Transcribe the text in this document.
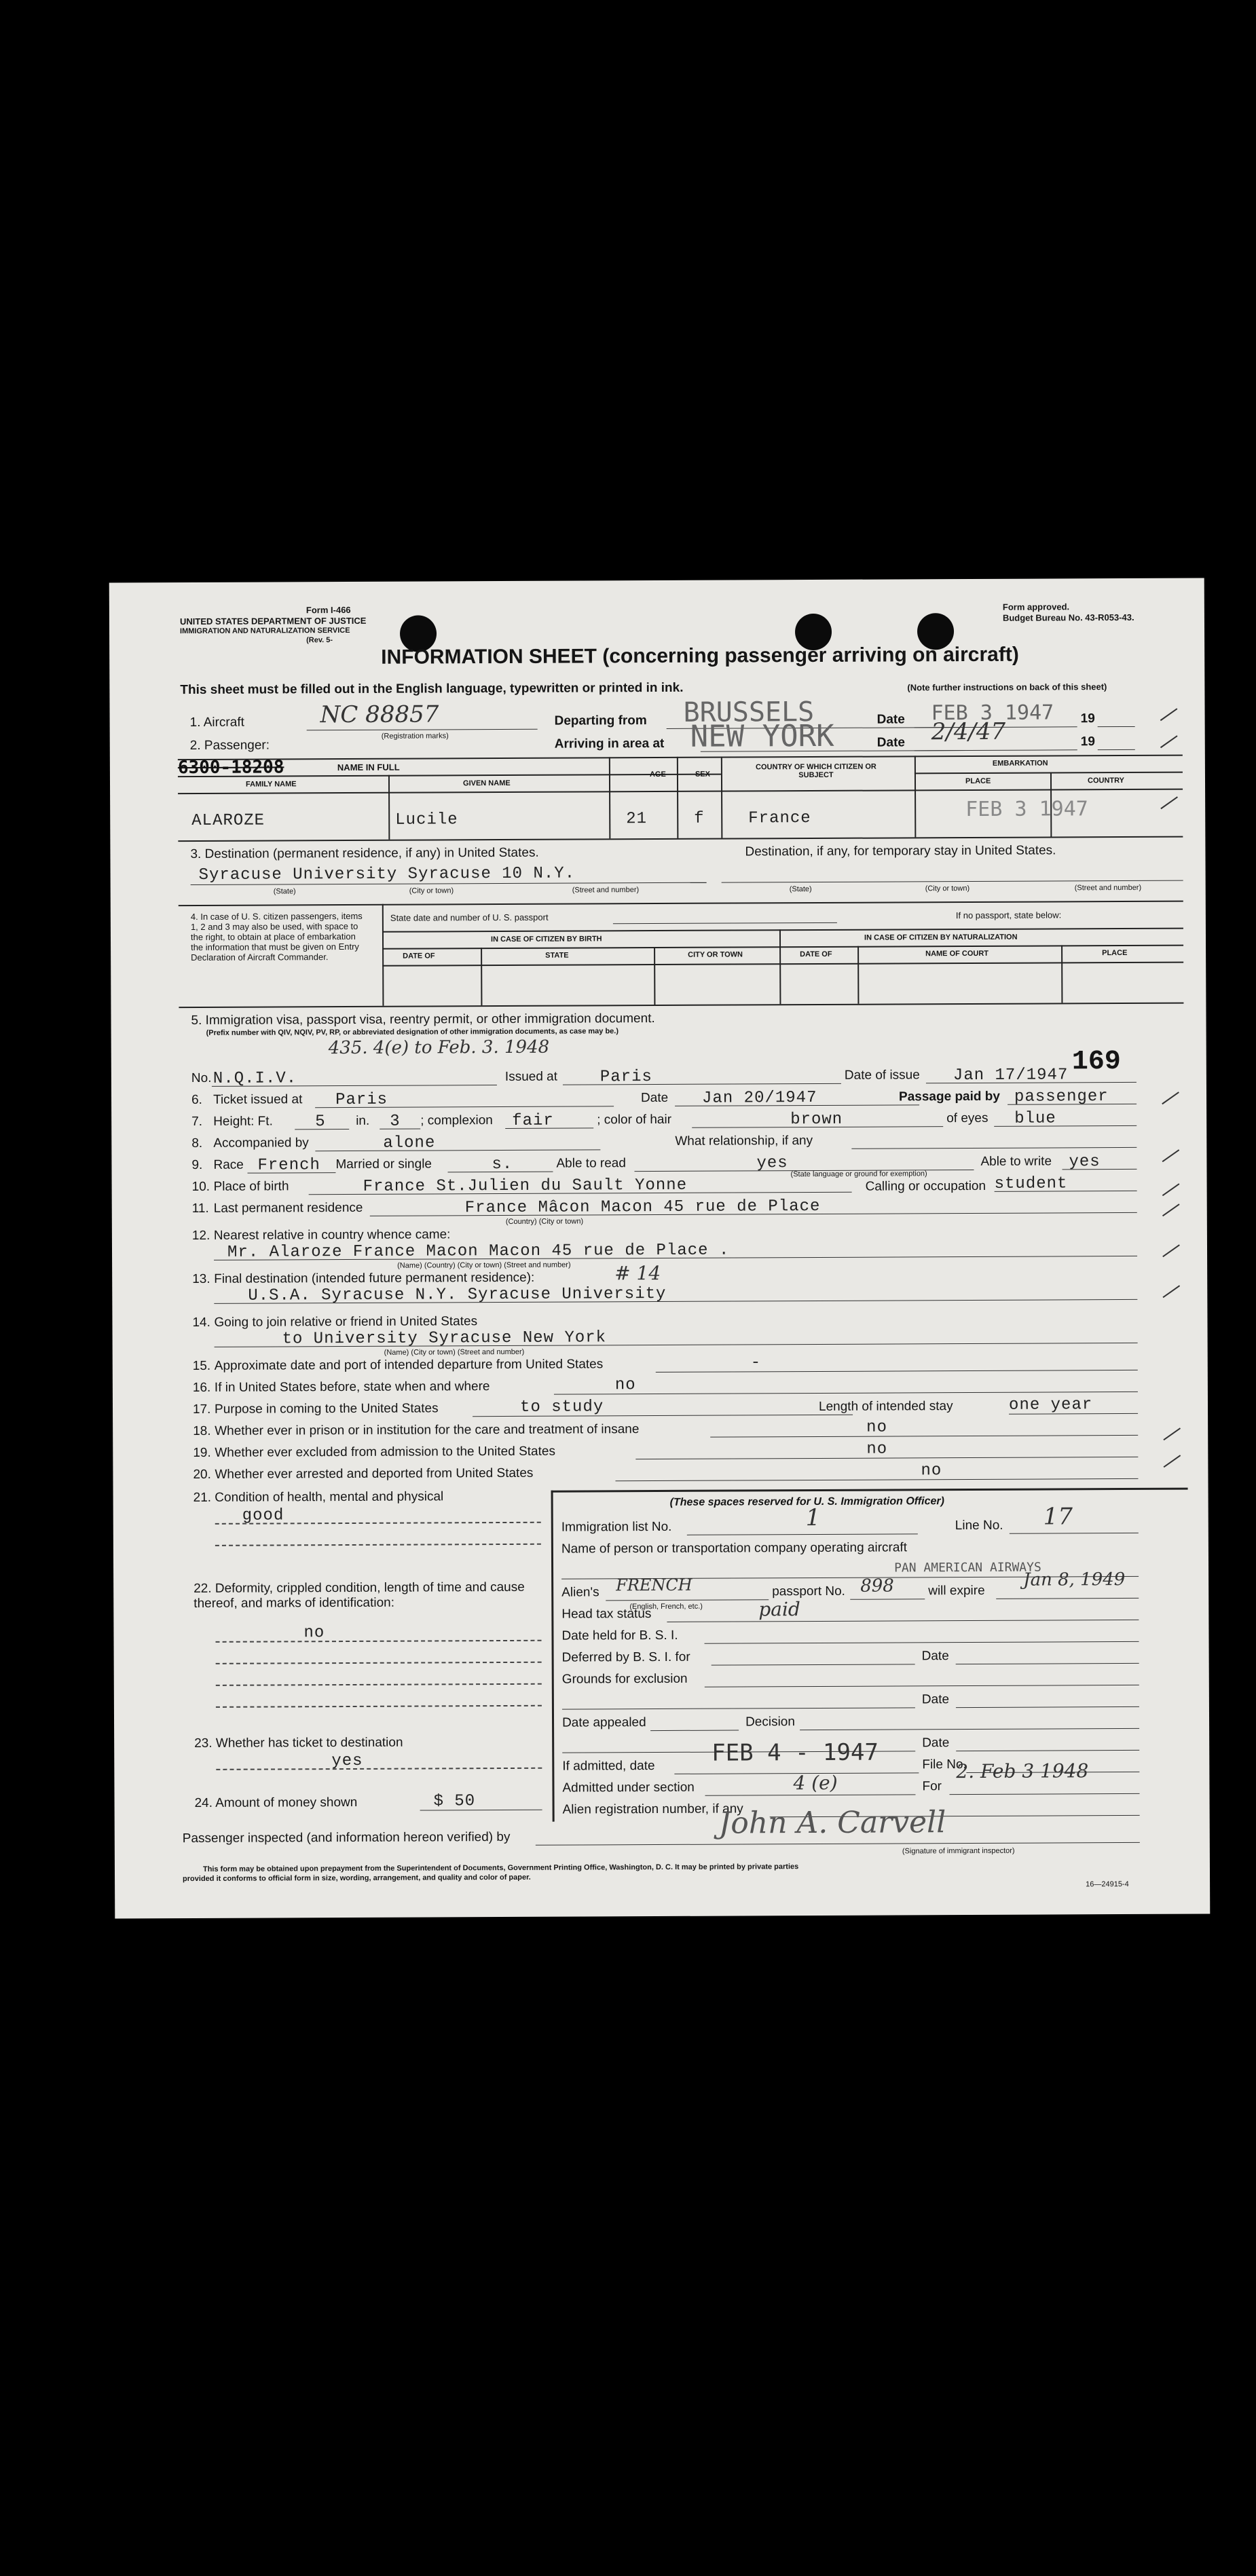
Form I-466
UNITED STATES DEPARTMENT OF JUSTICE
IMMIGRATION AND NATURALIZATION SERVICE
(Rev. 5-
Form approved.
Budget Bureau No. 43-R053-43.
INFORMATION SHEET (concerning passenger arriving on aircraft)
This sheet must be filled out in the English language, typewritten or printed in ink.	(Note further instructions on back of this sheet)
1. Aircraft	NC 88857
(Registration marks)
Departing from BRUSSELS	Date FEB 3 1947 19
2. Passenger:	Arriving in area at NEW YORK	Date 2/4/47	19
6300-18208	NAME IN FULL
FAMILY NAME	GIVEN NAME
AGE	SEX
COUNTRY OF WHICH CITIZEN OR SUBJECT
EMBARKATION
PLACE	COUNTRY
ALAROZE	Lucile	21	f	France	FEB 3 1947
3. Destination (permanent residence, if any) in United States.	Destination, if any, for temporary stay in United States.
Syracuse University Syracuse 10 N.Y.
(State)	(City or town)	(Street and number)	(State)	(City or town)	(Street and number)
4. In case of U. S. citizen passengers, items 1, 2 and 3 may also be used, with space to the right, to obtain at place of embarkation the information that must be given on Entry Declaration of Aircraft Commander.
State date and number of U. S. passport	If no passport, state below:
IN CASE OF CITIZEN BY BIRTH	IN CASE OF CITIZEN BY NATURALIZATION
DATE OF	STATE	CITY OR TOWN	DATE OF	NAME OF COURT	PLACE
5. Immigration visa, passport visa, reentry permit, or other immigration document.
(Prefix number with QIV, NQIV, PV, RP, or abbreviated designation of other immigration documents, as case may be.)
435. 4(e) to Feb. 3. 1948	169
No. N.Q.I.V.	Issued at	Paris	Date of issue Jan 17/1947
6. Ticket issued at Paris	Date Jan 20/1947	Passage paid by passenger
7. Height: Ft.	5 in. 3 ; complexion fair	; color of hair	brown	of eyes blue
8. Accompanied by	alone	What relationship, if any
9. Race French Married or single	s.	Able to read	yes	Able to write yes
(State language or ground for exemption)
10. Place of birth	France St.Julien du Sault Yonne	Calling or occupation student
11. Last permanent residence	France Mâcon Macon 45 rue de Place
(Country) (City or town)
12. Nearest relative in country whence came:
Mr. Alaroze France Macon Macon 45 rue de Place .
(Name) (Country) (City or town) (Street and number)
13. Final destination (intended future permanent residence):	# 14
U.S.A. Syracuse N.Y. Syracuse University
14. Going to join relative or friend in United States
to University Syracuse New York
(Name) (City or town) (Street and number)
15. Approximate date and port of intended departure from United States	-
16. If in United States before, state when and where	no
17. Purpose in coming to the United States	to study	Length of intended stay	one year
18. Whether ever in prison or in institution for the care and treatment of insane	no
19. Whether ever excluded from admission to the United States	no
20. Whether ever arrested and deported from United States	no
21. Condition of health, mental and physical
good
22. Deformity, crippled condition, length of time and cause thereof, and marks of identification:
no
23. Whether has ticket to destination
yes
24. Amount of money shown	$ 50
(These spaces reserved for U. S. Immigration Officer)
Immigration list No.	1	Line No. 17
Name of person or transportation company operating aircraft
PAN AMERICAN AIRWAYS
Alien's FRENCH
(English, French, etc.)
passport No. 898	will expire
Jan 8, 1949
Head tax status	paid
Date held for B. S. I.
Deferred by B. S. I. for	Date
Grounds for exclusion
Date
Date appealed	Decision
Date
If admitted, date FEB 4 - 1947	File No.
Admitted under section	4 (e)	For
2. Feb 3 1948
Alien registration number, if any
Passenger inspected (and information hereon verified) by	John A. Carvell
(Signature of immigrant inspector)
This form may be obtained upon prepayment from the Superintendent of Documents, Government Printing Office, Washington, D. C. It may be printed by private parties
provided it conforms to official form in size, wording, arrangement, and quality and color of paper.
16—24915-4
